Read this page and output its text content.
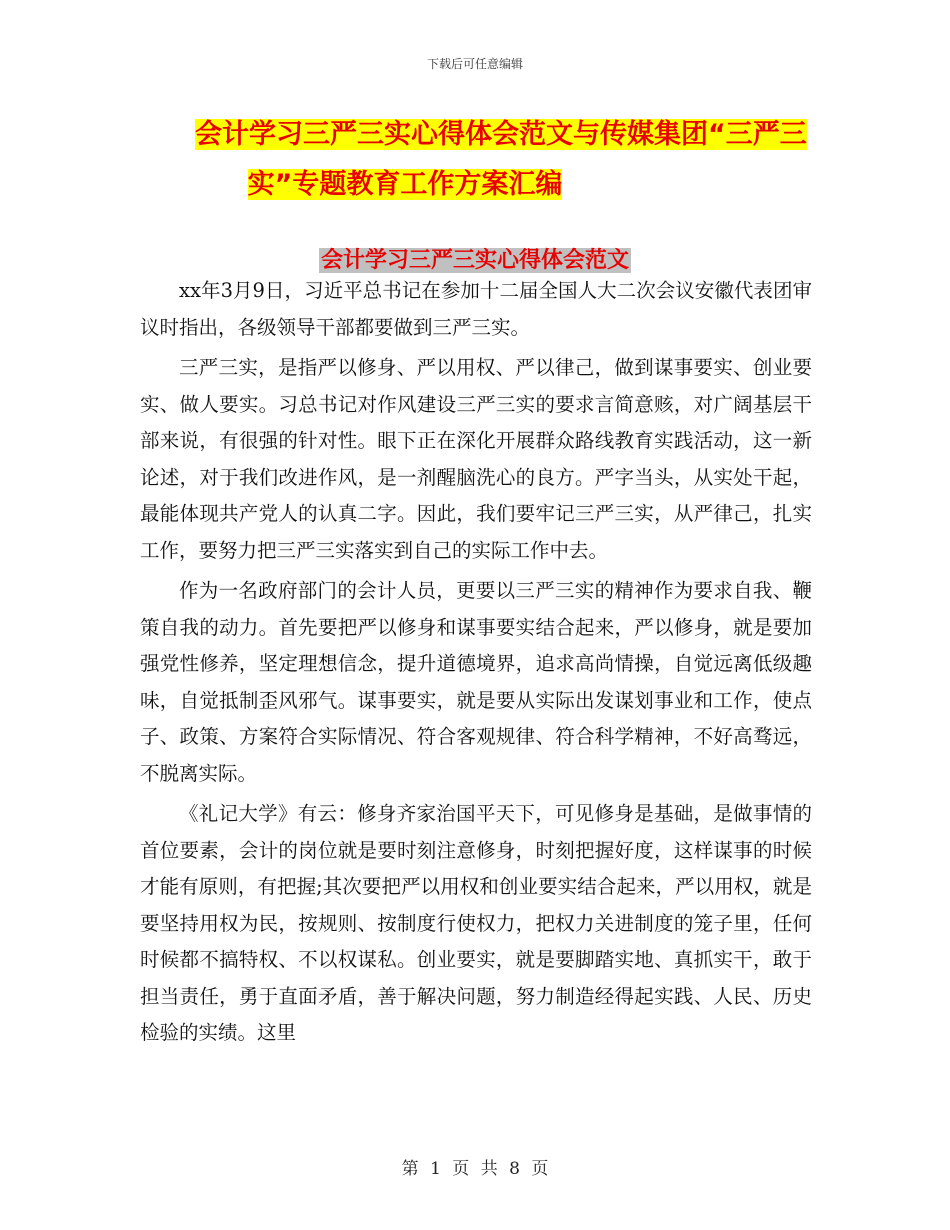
下载后可任意编辑
会计学习三严三实心得体会范文与传媒集团“三严三
实”专题教育工作方案汇编
会计学习三严三实心得体会范文

xx年3月9日，习近平总书记在参加十二届全国人大二次会议安徽代表团审议时指出，各级领导干部都要做到三严三实。

三严三实，是指严以修身、严以用权、严以律己，做到谋事要实、创业要实、做人要实。习总书记对作风建设三严三实的要求言简意赅，对广阔基层干部来说，有很强的针对性。眼下正在深化开展群众路线教育实践活动，这一新论述，对于我们改进作风，是一剂醒脑洗心的良方。严字当头，从实处干起，最能体现共产党人的认真二字。因此，我们要牢记三严三实，从严律己，扎实工作，要努力把三严三实落实到自己的实际工作中去。

作为一名政府部门的会计人员，更要以三严三实的精神作为要求自我、鞭策自我的动力。首先要把严以修身和谋事要实结合起来，严以修身，就是要加强党性修养，坚定理想信念，提升道德境界，追求高尚情操，自觉远离低级趣味，自觉抵制歪风邪气。谋事要实，就是要从实际出发谋划事业和工作，使点子、政策、方案符合实际情况、符合客观规律、符合科学精神，不好高骛远，不脱离实际。

《礼记大学》有云：修身齐家治国平天下，可见修身是基础，是做事情的首位要素，会计的岗位就是要时刻注意修身，时刻把握好度，这样谋事的时候才能有原则，有把握;其次要把严以用权和创业要实结合起来，严以用权，就是要坚持用权为民，按规则、按制度行使权力，把权力关进制度的笼子里，任何时候都不搞特权、不以权谋私。创业要实，就是要脚踏实地、真抓实干，敢于担当责任，勇于直面矛盾，善于解决问题，努力制造经得起实践、人民、历史检验的实绩。这里

第 1 页 共 8 页
